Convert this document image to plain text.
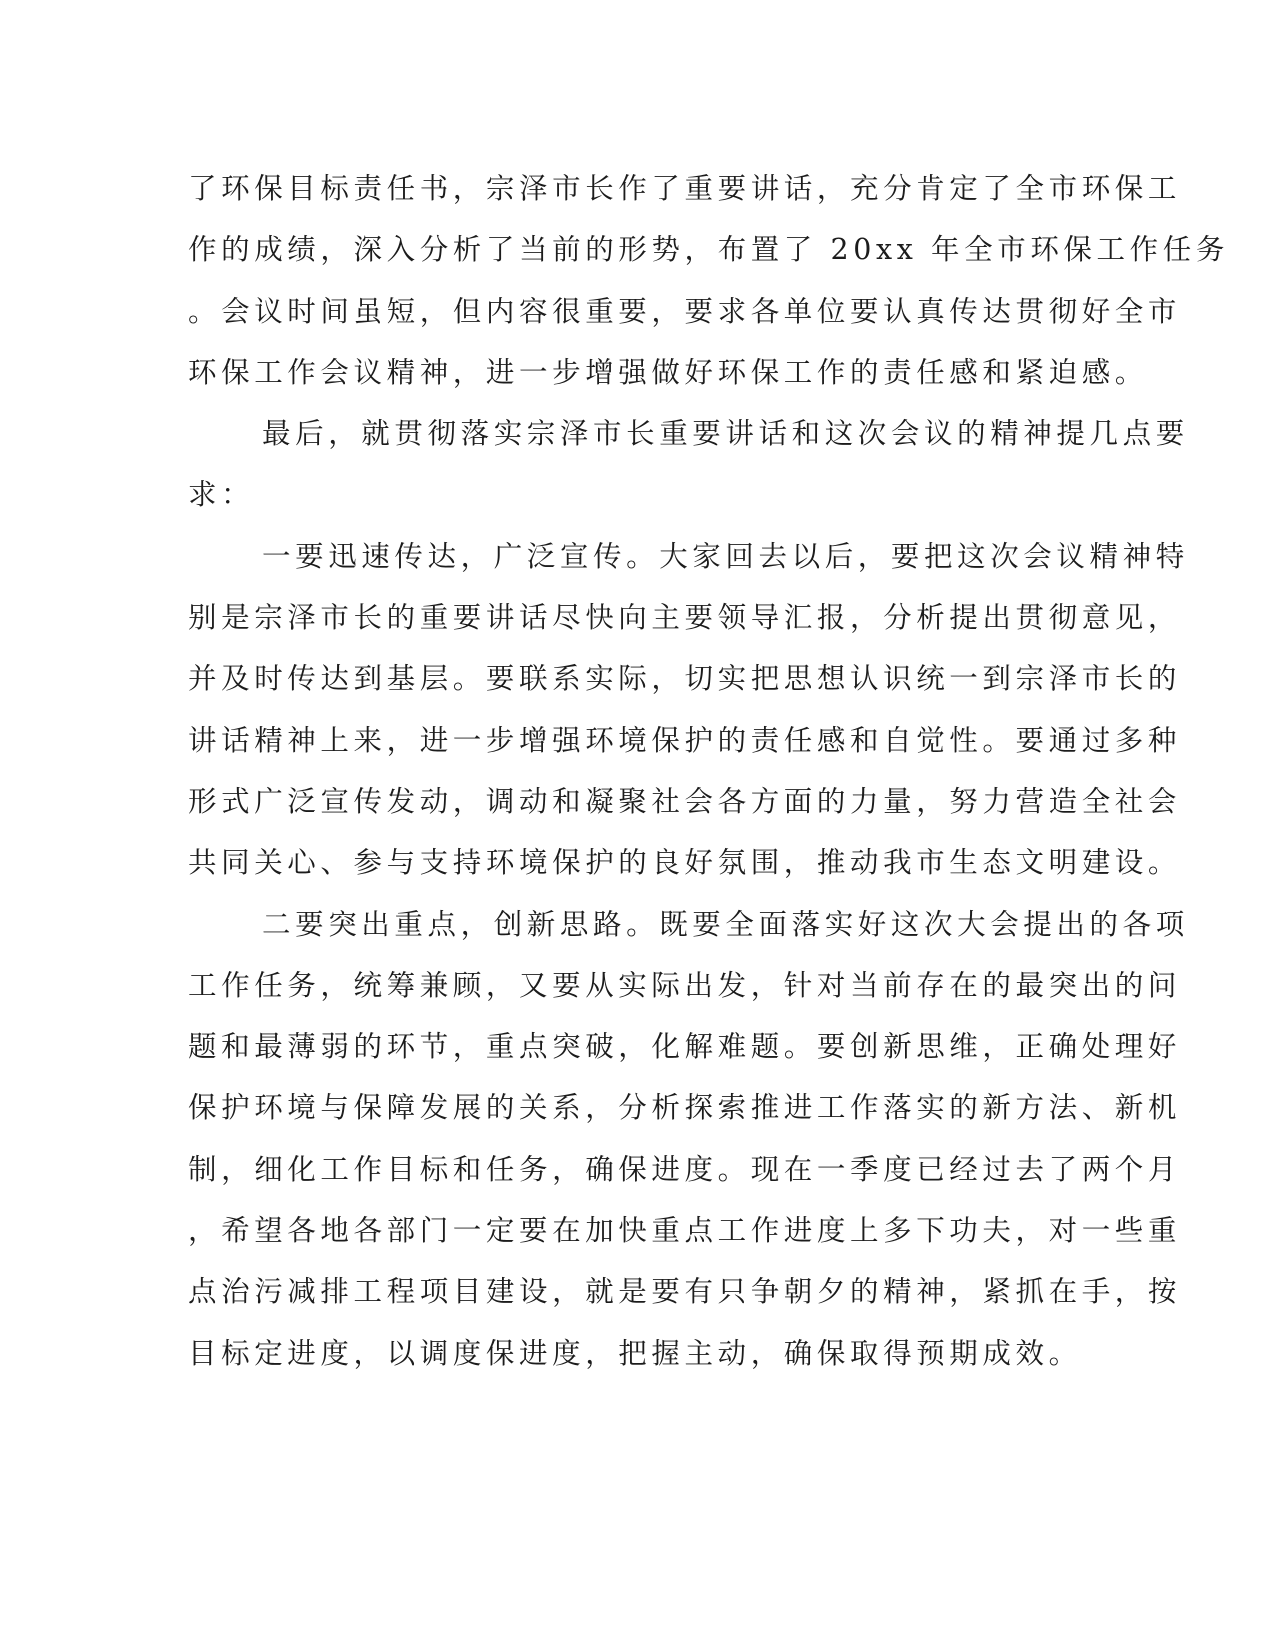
了环保目标责任书，宗泽市长作了重要讲话，充分肯定了全市环保工
作的成绩，深入分析了当前的形势，布置了 20xx 年全市环保工作任务
。会议时间虽短，但内容很重要，要求各单位要认真传达贯彻好全市
环保工作会议精神，进一步增强做好环保工作的责任感和紧迫感。
最后，就贯彻落实宗泽市长重要讲话和这次会议的精神提几点要
求：
一要迅速传达，广泛宣传。大家回去以后，要把这次会议精神特
别是宗泽市长的重要讲话尽快向主要领导汇报，分析提出贯彻意见，
并及时传达到基层。要联系实际，切实把思想认识统一到宗泽市长的
讲话精神上来，进一步增强环境保护的责任感和自觉性。要通过多种
形式广泛宣传发动，调动和凝聚社会各方面的力量，努力营造全社会
共同关心、参与支持环境保护的良好氛围，推动我市生态文明建设。
二要突出重点，创新思路。既要全面落实好这次大会提出的各项
工作任务，统筹兼顾，又要从实际出发，针对当前存在的最突出的问
题和最薄弱的环节，重点突破，化解难题。要创新思维，正确处理好
保护环境与保障发展的关系，分析探索推进工作落实的新方法、新机
制，细化工作目标和任务，确保进度。现在一季度已经过去了两个月
，希望各地各部门一定要在加快重点工作进度上多下功夫，对一些重
点治污减排工程项目建设，就是要有只争朝夕的精神，紧抓在手，按
目标定进度，以调度保进度，把握主动，确保取得预期成效。
